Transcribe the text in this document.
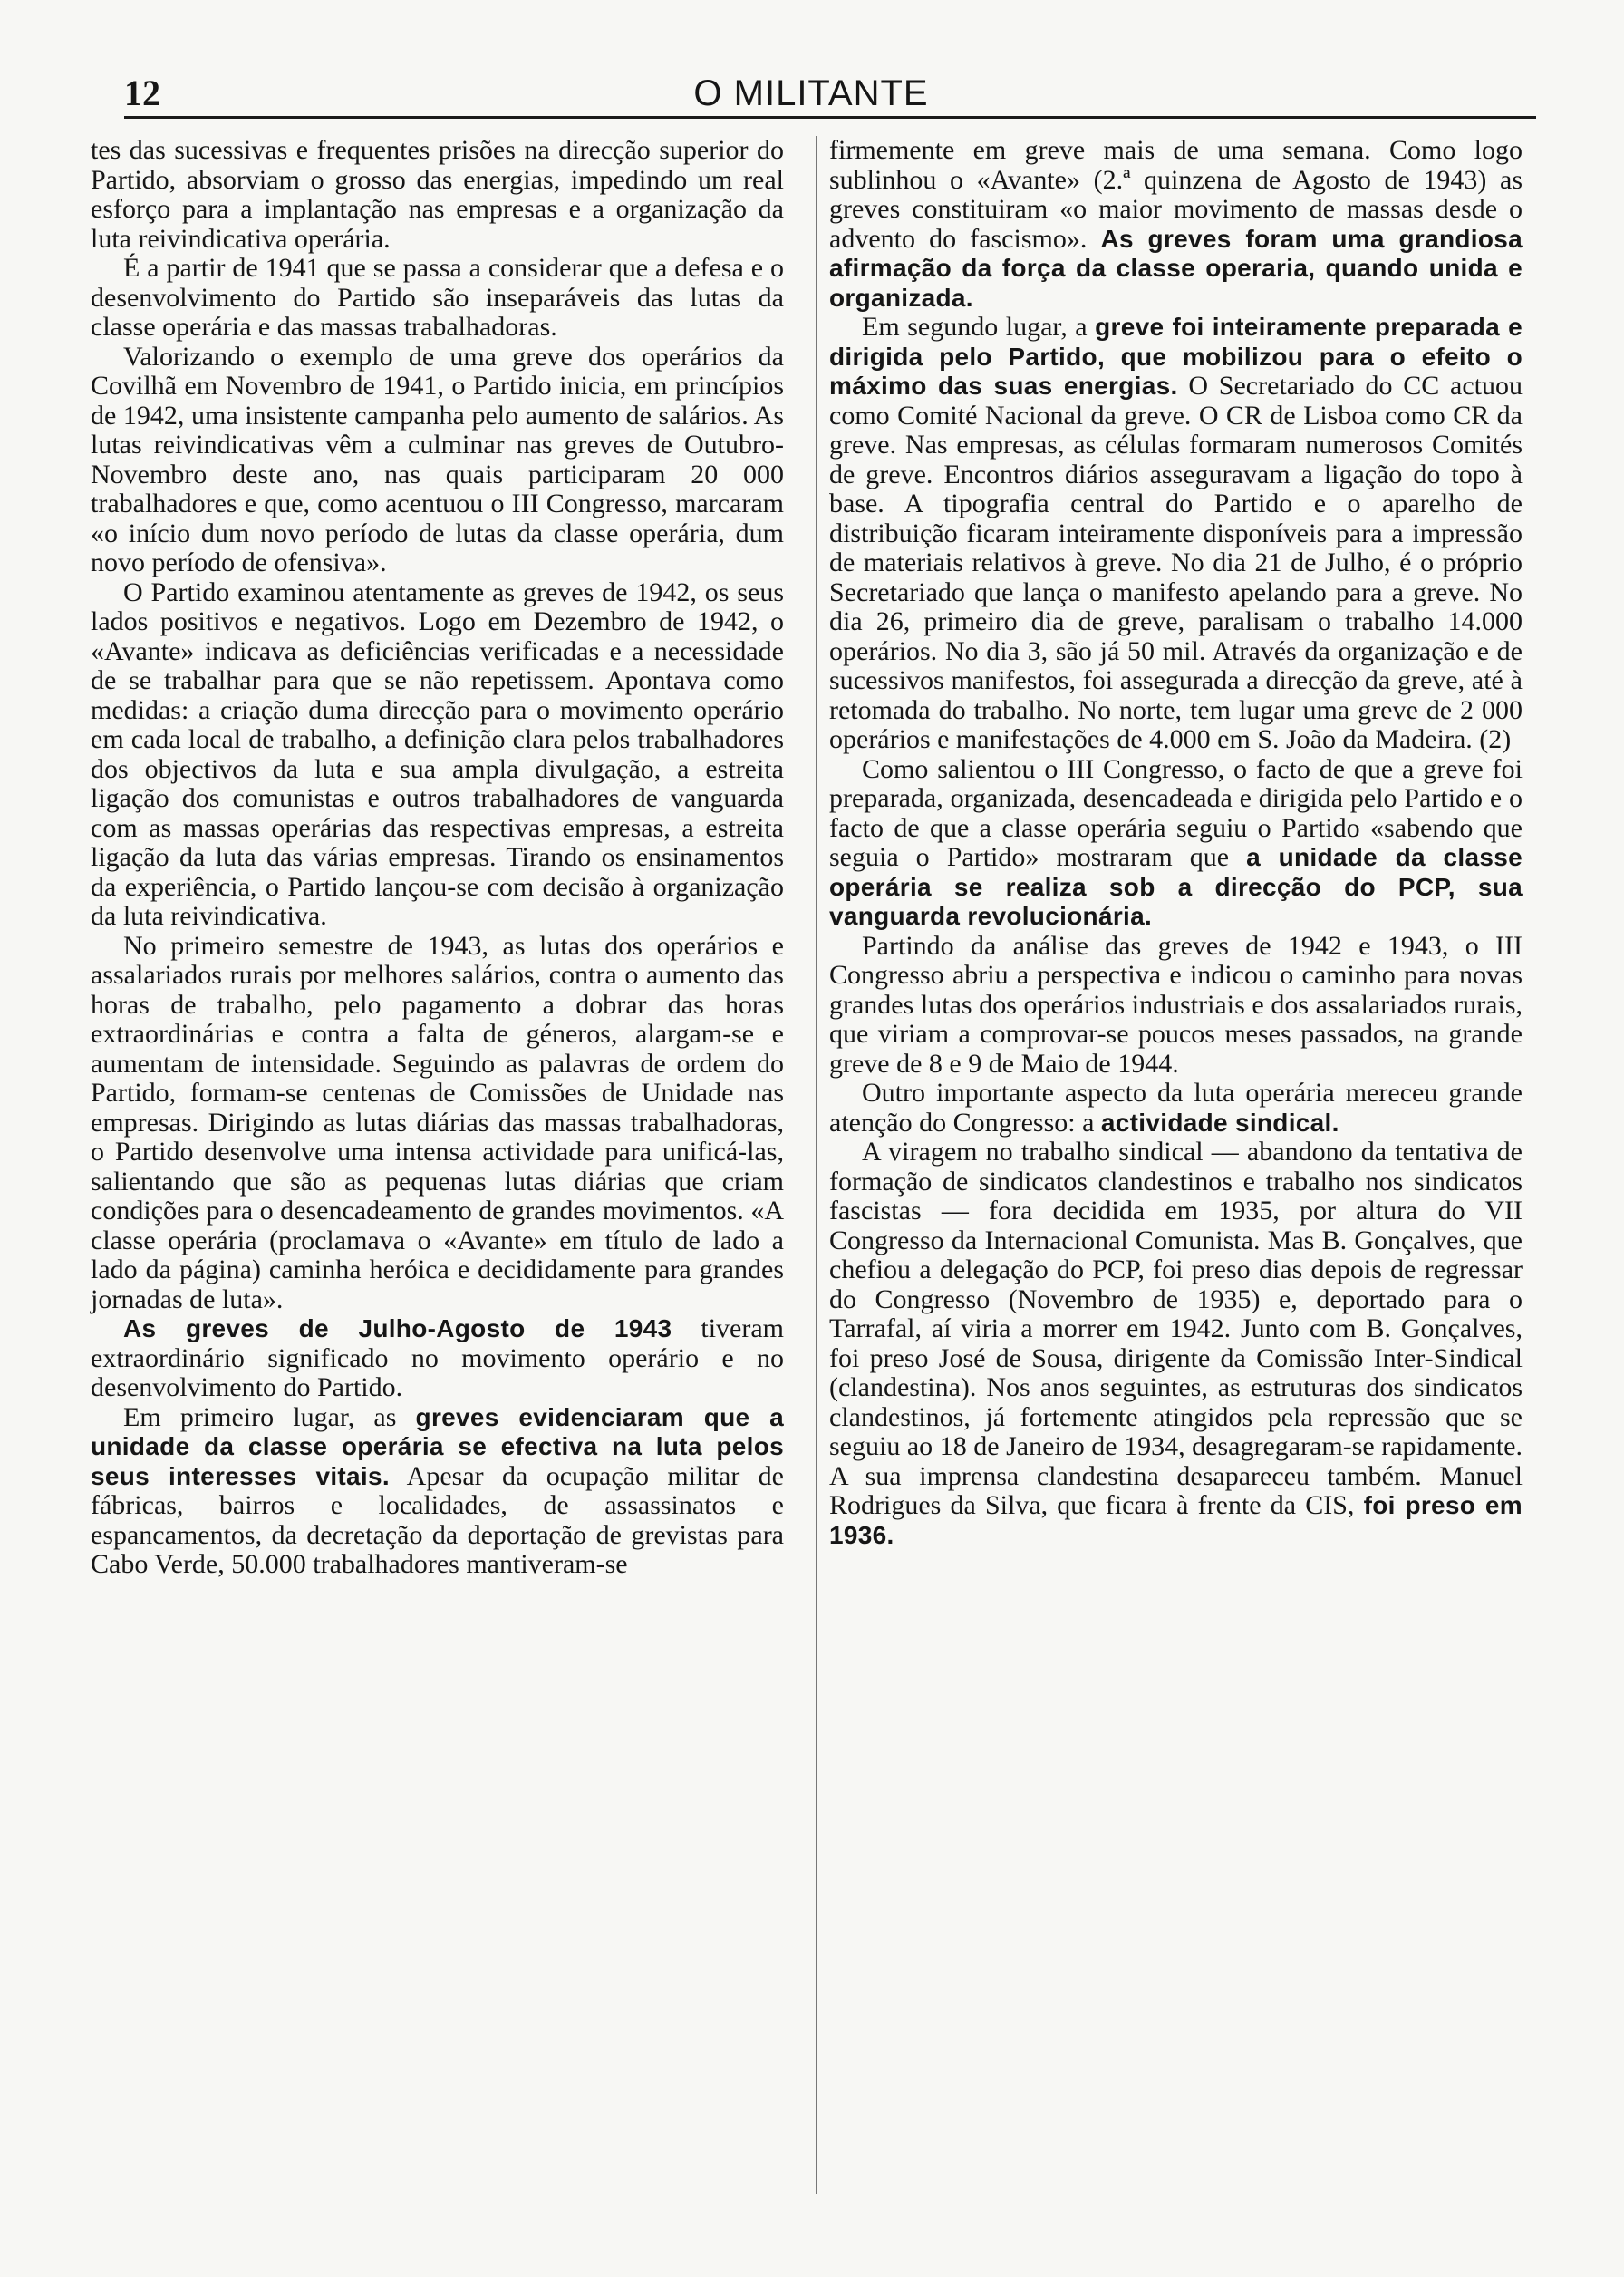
12	O MILITANTE

tes das sucessivas e frequentes prisões na direcção superior do Partido, absorviam o grosso das energias, impedindo um real esforço para a implantação nas empresas e a organização da luta reivindicativa operária.

É a partir de 1941 que se passa a considerar que a defesa e o desenvolvimento do Partido são inseparáveis das lutas da classe operária e das massas trabalhadoras.

Valorizando o exemplo de uma greve dos operários da Covilhã em Novembro de 1941, o Partido inicia, em princípios de 1942, uma insistente campanha pelo aumento de salários. As lutas reivindicativas vêm a culminar nas greves de Outubro-Novembro deste ano, nas quais participaram 20 000 trabalhadores e que, como acentuou o III Congresso, marcaram «o início dum novo período de lutas da classe operária, dum novo período de ofensiva».

O Partido examinou atentamente as greves de 1942, os seus lados positivos e negativos. Logo em Dezembro de 1942, o «Avante» indicava as deficiências verificadas e a necessidade de se trabalhar para que se não repetissem. Apontava como medidas: a criação duma direcção para o movimento operário em cada local de trabalho, a definição clara pelos trabalhadores dos objectivos da luta e sua ampla divulgação, a estreita ligação dos comunistas e outros trabalhadores de vanguarda com as massas operárias das respectivas empresas, a estreita ligação da luta das várias empresas. Tirando os ensinamentos da experiência, o Partido lançou-se com decisão à organização da luta reivindicativa.

No primeiro semestre de 1943, as lutas dos operários e assalariados rurais por melhores salários, contra o aumento das horas de trabalho, pelo pagamento a dobrar das horas extraordinárias e contra a falta de géneros, alargam-se e aumentam de intensidade. Seguindo as palavras de ordem do Partido, formam-se centenas de Comissões de Unidade nas empresas. Dirigindo as lutas diárias das massas trabalhadoras, o Partido desenvolve uma intensa actividade para unificá-las, salientando que são as pequenas lutas diárias que criam condições para o desencadeamento de grandes movimentos. «A classe operária (proclamava o «Avante» em título de lado a lado da página) caminha heróica e decididamente para grandes jornadas de luta».

As greves de Julho-Agosto de 1943 tiveram extraordinário significado no movimento operário e no desenvolvimento do Partido.

Em primeiro lugar, as greves evidenciaram que a unidade da classe operária se efectiva na luta pelos seus interesses vitais. Apesar da ocupação militar de fábricas, bairros e localidades, de assassinatos e espancamentos, da decretação da deportação de grevistas para Cabo Verde, 50.000 trabalhadores mantiveram-se

firmemente em greve mais de uma semana. Como logo sublinhou o «Avante» (2.ª quinzena de Agosto de 1943) as greves constituiram «o maior movimento de massas desde o advento do fascismo». As greves foram uma grandiosa afirmação da força da classe operaria, quando unida e organizada.

Em segundo lugar, a greve foi inteiramente preparada e dirigida pelo Partido, que mobilizou para o efeito o máximo das suas energias. O Secretariado do CC actuou como Comité Nacional da greve. O CR de Lisboa como CR da greve. Nas empresas, as células formaram numerosos Comités de greve. Encontros diários asseguravam a ligação do topo à base. A tipografia central do Partido e o aparelho de distribuição ficaram inteiramente disponíveis para a impressão de materiais relativos à greve. No dia 21 de Julho, é o próprio Secretariado que lança o manifesto apelando para a greve. No dia 26, primeiro dia de greve, paralisam o trabalho 14.000 operários. No dia 3, são já 50 mil. Através da organização e de sucessivos manifestos, foi assegurada a direcção da greve, até à retomada do trabalho. No norte, tem lugar uma greve de 2 000 operários e manifestações de 4.000 em S. João da Madeira. (2)

Como salientou o III Congresso, o facto de que a greve foi preparada, organizada, desencadeada e dirigida pelo Partido e o facto de que a classe operária seguiu o Partido «sabendo que seguia o Partido» mostraram que a unidade da classe operária se realiza sob a direcção do PCP, sua vanguarda revolucionária.

Partindo da análise das greves de 1942 e 1943, o III Congresso abriu a perspectiva e indicou o caminho para novas grandes lutas dos operários industriais e dos assalariados rurais, que viriam a comprovar-se poucos meses passados, na grande greve de 8 e 9 de Maio de 1944.

Outro importante aspecto da luta operária mereceu grande atenção do Congresso: a actividade sindical.

A viragem no trabalho sindical — abandono da tentativa de formação de sindicatos clandestinos e trabalho nos sindicatos fascistas — fora decidida em 1935, por altura do VII Congresso da Internacional Comunista. Mas B. Gonçalves, que chefiou a delegação do PCP, foi preso dias depois de regressar do Congresso (Novembro de 1935) e, deportado para o Tarrafal, aí viria a morrer em 1942. Junto com B. Gonçalves, foi preso José de Sousa, dirigente da Comissão Inter-Sindical (clandestina). Nos anos seguintes, as estruturas dos sindicatos clandestinos, já fortemente atingidos pela repressão que se seguiu ao 18 de Janeiro de 1934, desagregaram-se rapidamente. A sua imprensa clandestina desapareceu também. Manuel Rodrigues da Silva, que ficara à frente da CIS, foi preso em 1936.
